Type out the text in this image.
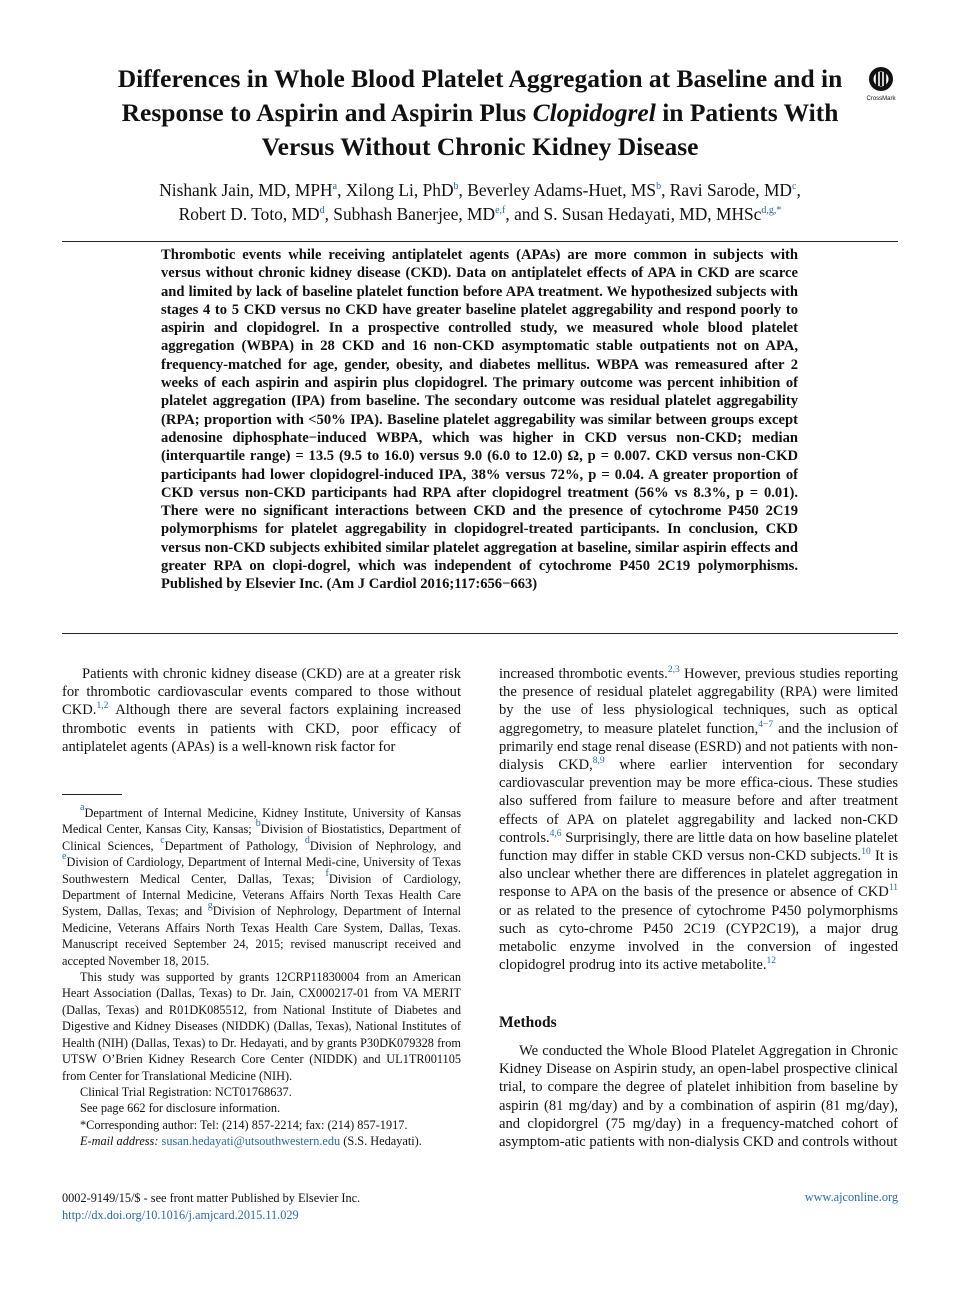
Differences in Whole Blood Platelet Aggregation at Baseline and in Response to Aspirin and Aspirin Plus Clopidogrel in Patients With Versus Without Chronic Kidney Disease
CrossMark
Nishank Jain, MD, MPH$^a$, Xilong Li, PhD$^b$, Beverley Adams-Huet, $MS^b$, Ravi Sarode, $MD^c$,
Robert D. Toto, $MD^d$, Subhash Banerjee, MD$^{e,f}$, and S. Susan Hedayati, MD, MHSc$^{d,g,*}$

Thrombotic events while receiving antiplatelet agents (APAs) are more common in subjects with versus without chronic kidney disease (CKD). Data on antiplatelet effects of APA in CKD are scarce and limited by lack of baseline platelet function before APA treatment. We hypothesized subjects with stages 4 to 5 CKD versus no CKD have greater baseline platelet aggregability and respond poorly to aspirin and clopidogrel. In a prospective controlled study, we measured whole blood platelet aggregation (WBPA) in 28 CKD and 16 non-CKD asymptomatic stable outpatients not on APA, frequency-matched for age, gender, obesity, and diabetes mellitus. WBPA was remeasured after 2 weeks of each aspirin and aspirin plus clopidogrel. The primary outcome was percent inhibition of platelet aggregation (IPA) from baseline. The secondary outcome was residual platelet aggregability (RPA; proportion with <50% IPA). Baseline platelet aggregability was similar between groups except adenosine diphosphate−induced WBPA, which was higher in CKD versus non-CKD; median (interquartile range) = 13.5 (9.5 to 16.0) versus 9.0 (6.0 to 12.0) Ω, p = 0.007. CKD versus non-CKD participants had lower clopidogrel-induced IPA, 38% versus 72%, p = 0.04. A greater proportion of CKD versus non-CKD participants had RPA after clopidogrel treatment (56% vs 8.3%, p = 0.01). There were no significant interactions between CKD and the presence of cytochrome P450 2C19 polymorphisms for platelet aggregability in clopidogrel-treated participants. In conclusion, CKD versus non-CKD subjects exhibited similar platelet aggregation at baseline, similar aspirin effects and greater RPA on clopi-dogrel, which was independent of cytochrome P450 2C19 polymorphisms. Published by Elsevier Inc. (Am J Cardiol 2016;117:656−663)

Patients with chronic kidney disease (CKD) are at a greater risk for thrombotic cardiovascular events compared to those without CKD.$^{1,2}$ Although there are several factors explaining increased thrombotic events in patients with CKD, poor efficacy of antiplatelet agents (APAs) is a well-known risk factor for

$^a$Department of Internal Medicine, Kidney Institute, University of Kansas Medical Center, Kansas City, Kansas; $^b$Division of Biostatistics, Department of Clinical Sciences, $^c$Department of Pathology, $^d$Division of Nephrology, and $^e$Division of Cardiology, Department of Internal Medi-cine, University of Texas Southwestern Medical Center, Dallas, Texas; $^f$Division of Cardiology, Department of Internal Medicine, Veterans Affairs North Texas Health Care System, Dallas, Texas; and $^g$Division of Nephrology, Department of Internal Medicine, Veterans Affairs North Texas Health Care System, Dallas, Texas. Manuscript received September 24, 2015; revised manuscript received and accepted November 18, 2015.

This study was supported by grants 12CRP11830004 from an American Heart Association (Dallas, Texas) to Dr. Jain, CX000217-01 from VA MERIT (Dallas, Texas) and R01DK085512, from National Institute of Diabetes and Digestive and Kidney Diseases (NIDDK) (Dallas, Texas), National Institutes of Health (NIH) (Dallas, Texas) to Dr. Hedayati, and by grants P30DK079328 from UTSW O’Brien Kidney Research Core Center (NIDDK) and UL1TR001105 from Center for Translational Medicine (NIH).

Clinical Trial Registration: NCT01768637.

See page 662 for disclosure information.

*Corresponding author: Tel: (214) 857-2214; fax: (214) 857-1917.

E-mail address: susan.hedayati@utsouthwestern.edu (S.S. Hedayati).

increased thrombotic events.$^{2,3}$ However, previous studies reporting the presence of residual platelet aggregability (RPA) were limited by the use of less physiological techniques, such as optical aggregometry, to measure platelet function,$^{4-7}$ and the inclusion of primarily end stage renal disease (ESRD) and not patients with non-dialysis CKD,$^{8,9}$ where earlier intervention for secondary cardiovascular prevention may be more effica-cious. These studies also suffered from failure to measure before and after treatment effects of APA on platelet aggregability and lacked non-CKD controls.$^{4,6}$ Surprisingly, there are little data on how baseline platelet function may differ in stable CKD versus non-CKD subjects.$^{10}$ It is also unclear whether there are differences in platelet aggregation in response to APA on the basis of the presence or absence of CKD$^{11}$ or as related to the presence of cytochrome P450 polymorphisms such as cyto-chrome P450 2C19 (CYP2C19), a major drug metabolic enzyme involved in the conversion of ingested clopidogrel prodrug into its active metabolite.$^{12}$

Methods

We conducted the Whole Blood Platelet Aggregation in Chronic Kidney Disease on Aspirin study, an open-label prospective clinical trial, to compare the degree of platelet inhibition from baseline by aspirin (81 mg/day) and by a combination of aspirin (81 mg/day), and clopidorgrel (75 mg/day) in a frequency-matched cohort of asymptom-atic patients with non-dialysis CKD and controls without

0002-9149/15/$ - see front matter Published by Elsevier Inc.
http://dx.doi.org/10.1016/j.amjcard.2015.11.029
www.ajconline.org
